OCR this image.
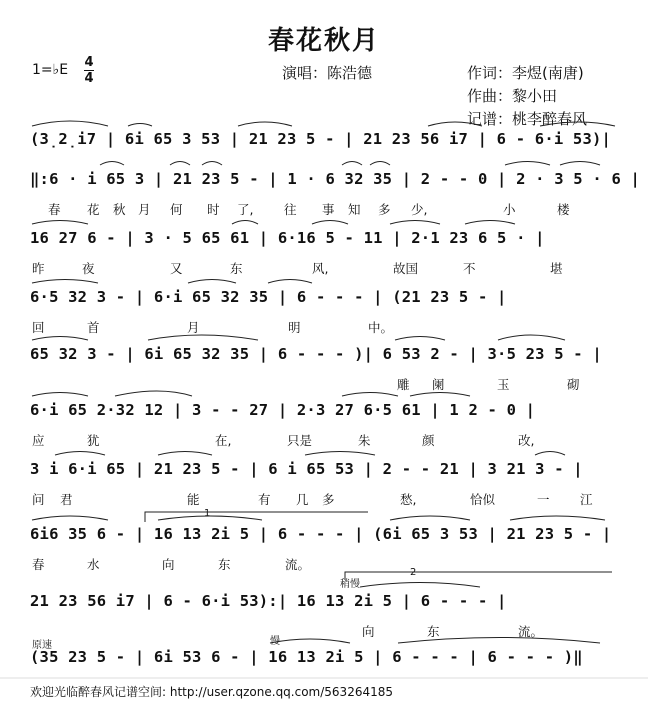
春花秋月
1=♭E 4
4	演唱：陈浩德	作词：李煜(南唐)
作曲：黎小田
记谱：桃李醉春风
(3̣2̣i7 | 6i 65 3 53 | 21 23 5 - | 21 23 56 i7 | 6 - 6·i 53)|
‖:6 · i 65 3 | 21 23 5 - | 1 · 6 32 35 | 2 - - 0 | 2 · 3 5 · 6 |
春 花 秋 月 何 时 了, 往 事 知 多 少,	小	楼
16 27 6 - | 3 · 5 65 61 | 6·16 5 - 11 | 2·1 23 6 5 · |
昨	夜	又	东	风,	故国	不	堪
6·5 32 3 - | 6·i 65 32 35 | 6 - - - | (21 23 5 - |
回	首	月	明	中。
65 32 3 - | 6i 65 32 35 | 6 - - - )| 6 53 2 - | 3·5 23 5 - |
雕 阑	玉	砌
6·i 65 2·32 12 | 3 - - 27 | 2·3 27 6·5 61 | 1 2 - 0 |
应	犹	在,	只是	朱	颜	改,
3 i 6·i 65 | 21 23 5 - | 6 i 65 53 | 2 - - 21 | 3 21 3 - |
问 君	能	有 几 多	愁,	恰似	一 江
1
6i6 35 6 - | 16 13 2i 5 | 6 - - - | (6i 65 3 53 | 21 23 5 - |
春	水	向	东	流。
稍慢
2
21 23 56 i7 | 6 - 6·i 53):| 16 13 2i 5 | 6 - - - |
向	东	流。
原速	慢
(35 23 5 - | 6i 53 6 - | 16 13 2i 5 | 6 - - - | 6 - - - )‖
欢迎光临醉春风记谱空间: http://user.qzone.qq.com/563264185
